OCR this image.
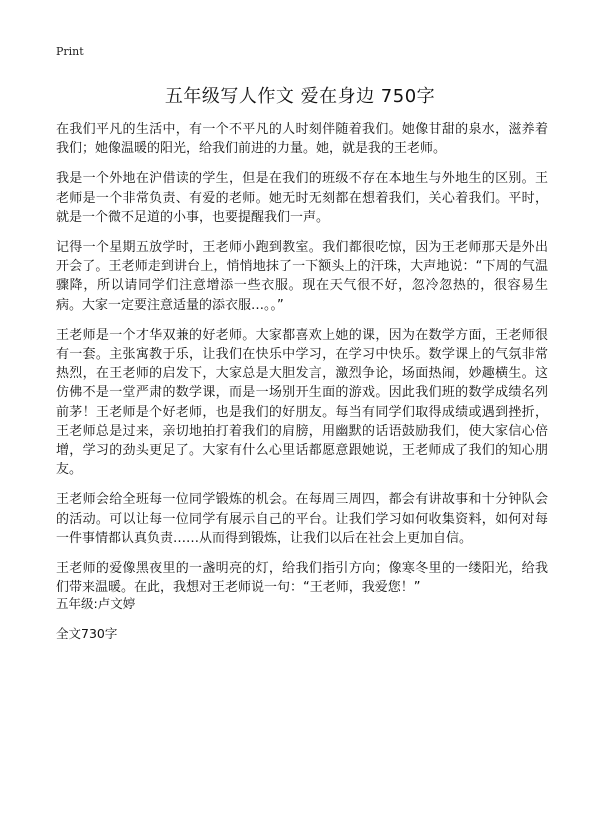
Print
五年级写人作文 爱在身边 750字

在我们平凡的生活中，有一个不平凡的人时刻伴随着我们。她像甘甜的泉水，滋养着我们；她像温暖的阳光，给我们前进的力量。她，就是我的王老师。

我是一个外地在沪借读的学生，但是在我们的班级不存在本地生与外地生的区别。王老师是一个非常负责、有爱的老师。她无时无刻都在想着我们，关心着我们。平时，就是一个微不足道的小事，也要提醒我们一声。

记得一个星期五放学时，王老师小跑到教室。我们都很吃惊，因为王老师那天是外出开会了。王老师走到讲台上，悄悄地抹了一下额头上的汗珠，大声地说：“下周的气温骤降，所以请同学们注意增添一些衣服。现在天气很不好，忽冷忽热的，很容易生病。大家一定要注意适量的添衣服…。。”

王老师是一个才华双兼的好老师。大家都喜欢上她的课，因为在数学方面，王老师很有一套。主张寓教于乐，让我们在快乐中学习，在学习中快乐。数学课上的气氛非常热烈，在王老师的启发下，大家总是大胆发言，激烈争论，场面热闹，妙趣横生。这仿佛不是一堂严肃的数学课，而是一场别开生面的游戏。因此我们班的数学成绩名列前茅！王老师是个好老师，也是我们的好朋友。每当有同学们取得成绩或遇到挫折，王老师总是过来，亲切地拍打着我们的肩膀，用幽默的话语鼓励我们，使大家信心倍增，学习的劲头更足了。大家有什么心里话都愿意跟她说，王老师成了我们的知心朋友。

王老师会给全班每一位同学锻炼的机会。在每周三周四，都会有讲故事和十分钟队会的活动。可以让每一位同学有展示自己的平台。让我们学习如何收集资料，如何对每一件事情都认真负责……从而得到锻炼，让我们以后在社会上更加自信。

王老师的爱像黑夜里的一盏明亮的灯，给我们指引方向；像寒冬里的一缕阳光，给我们带来温暖。在此，我想对王老师说一句：“王老师，我爱您！”

五年级:卢文婷
全文730字
